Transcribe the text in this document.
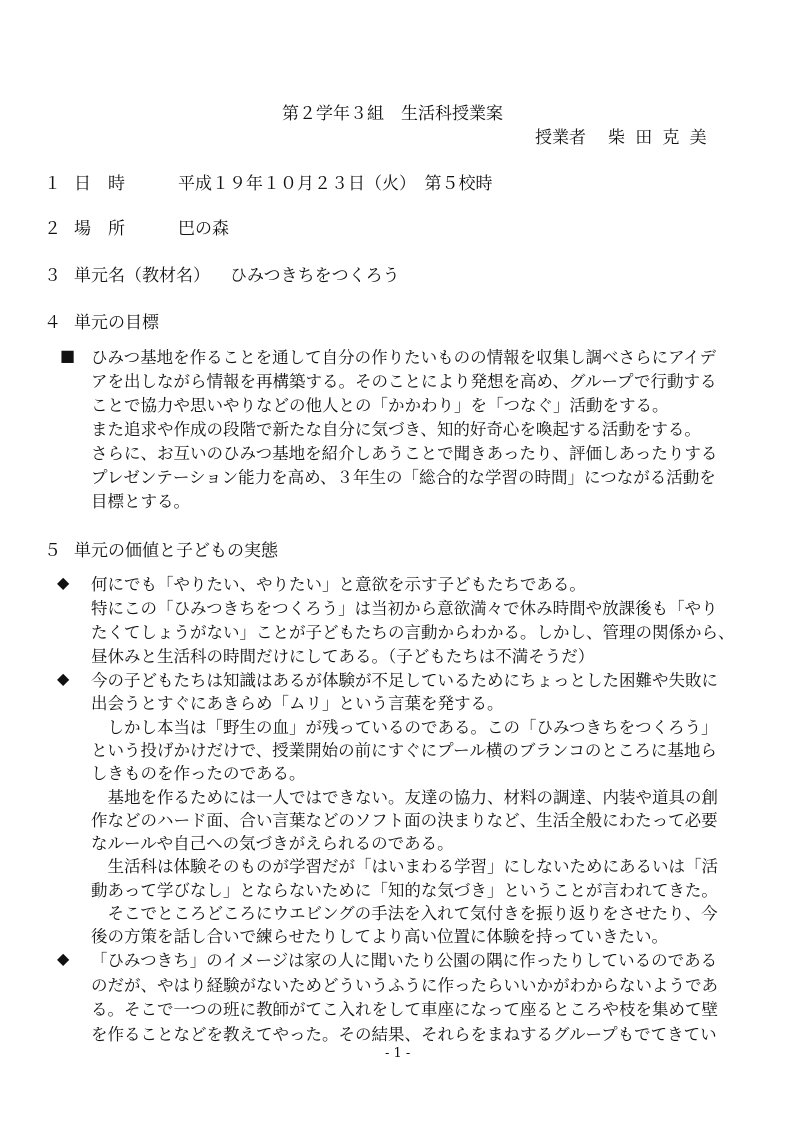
第２学年３組　生活科授業案
授業者 柴田克美
１ 日　時	平成１９年１０月２３日（火）　第５校時
２ 場　所	巴の森
３ 単元名（教材名） ひみつきちをつくろう
４ 単元の目標
■ ひみつ基地を作ることを通して自分の作りたいものの情報を収集し調べさらにアイデ
アを出しながら情報を再構築する。そのことにより発想を高め、グループで行動する
ことで協力や思いやりなどの他人との「かかわり」を「つなぐ」活動をする。
また追求や作成の段階で新たな自分に気づき、知的好奇心を喚起する活動をする。
さらに、お互いのひみつ基地を紹介しあうことで聞きあったり、評価しあったりする
プレゼンテーション能力を高め、３年生の「総合的な学習の時間」につながる活動を
目標とする。
５ 単元の価値と子どもの実態
◆
◆
◆
何にでも「やりたい、やりたい」と意欲を示す子どもたちである。
特にこの「ひみつきちをつくろう」は当初から意欲満々で休み時間や放課後も「やり
たくてしょうがない」ことが子どもたちの言動からわかる。しかし、管理の関係から、
昼休みと生活科の時間だけにしてある。（子どもたちは不満そうだ）
今の子どもたちは知識はあるが体験が不足しているためにちょっとした困難や失敗に
出会うとすぐにあきらめ「ムリ」という言葉を発する。
　しかし本当は「野生の血」が残っているのである。この「ひみつきちをつくろう」
という投げかけだけで、授業開始の前にすぐにプール横のブランコのところに基地ら
しきものを作ったのである。
　基地を作るためには一人ではできない。友達の協力、材料の調達、内装や道具の創
作などのハード面、合い言葉などのソフト面の決まりなど、生活全般にわたって必要
なルールや自己への気づきがえられるのである。
　生活科は体験そのものが学習だが「はいまわる学習」にしないためにあるいは「活
動あって学びなし」とならないために「知的な気づき」ということが言われてきた。
　そこでところどころにウエビングの手法を入れて気付きを振り返りをさせたり、今
後の方策を話し合いで練らせたりしてより高い位置に体験を持っていきたい。
「ひみつきち」のイメージは家の人に聞いたり公園の隅に作ったりしているのである
のだが、やはり経験がないためどういうふうに作ったらいいかがわからないようであ
る。そこで一つの班に教師がてこ入れをして車座になって座るところや枝を集めて壁
を作ることなどを教えてやった。その結果、それらをまねするグループもでてきてい
- 1 -
